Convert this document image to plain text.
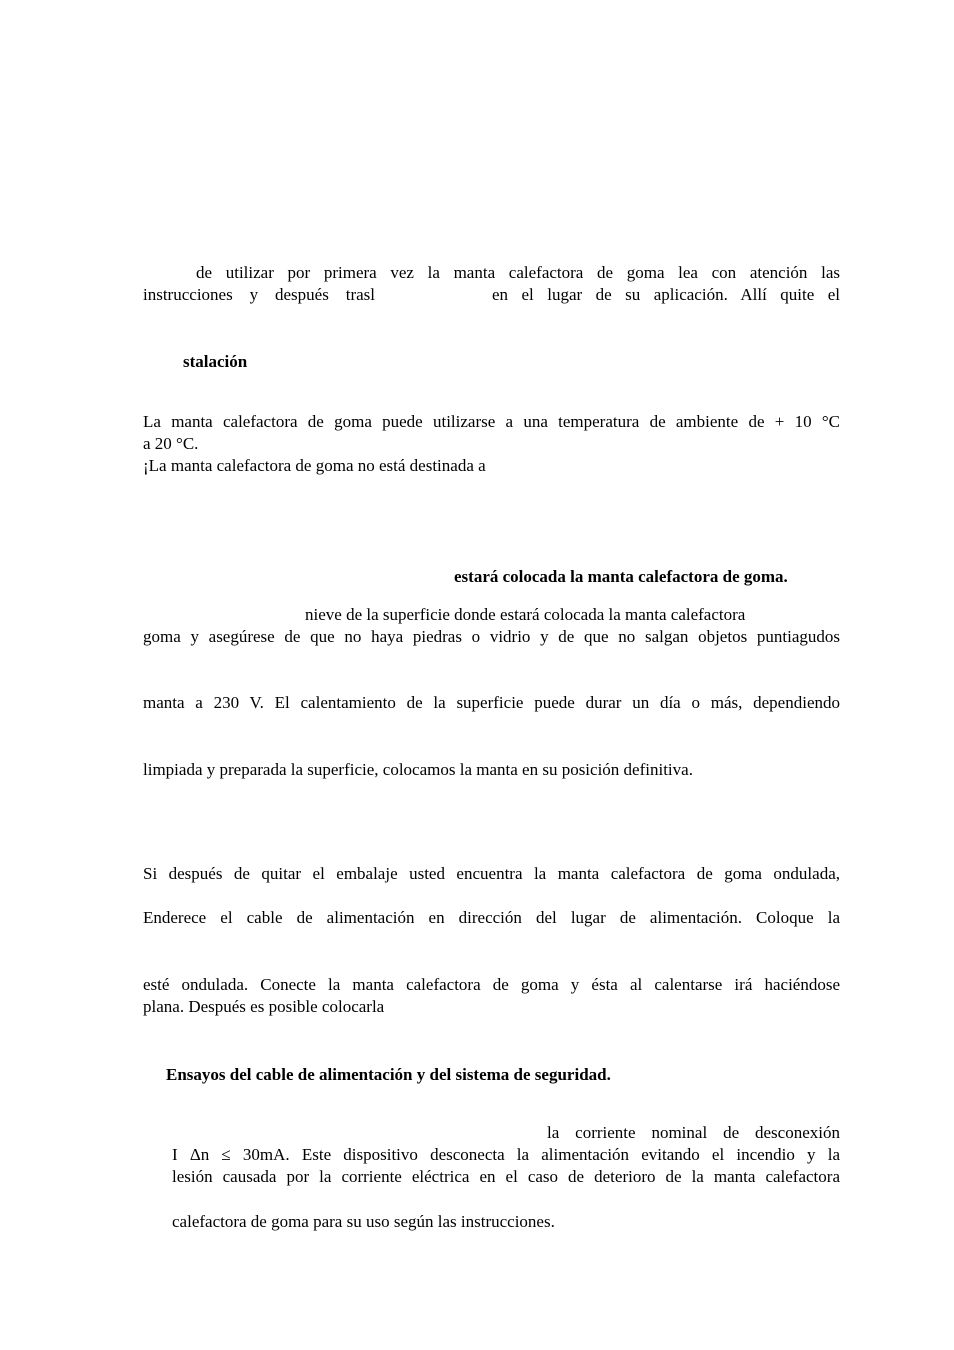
de utilizar por primera vez la manta calefactora de goma lea con atención las
instrucciones y después trasl	en el lugar de su aplicación. Allí quite el
stalación
La manta calefactora de goma puede utilizarse a una temperatura de ambiente de + 10 °C
a 20 °C.
¡La manta calefactora de goma no está destinada a
estará colocada la manta calefactora de goma.
nieve de la superficie donde estará colocada la manta calefactora
goma y asegúrese de que no haya piedras o vidrio y de que no salgan objetos puntiagudos
manta a 230 V. El calentamiento de la superficie puede durar un día o más, dependiendo
limpiada y preparada la superficie, colocamos la manta en su posición definitiva.
Si después de quitar el embalaje usted encuentra la manta calefactora de goma ondulada,
Enderece el cable de alimentación en dirección del lugar de alimentación. Coloque la
esté ondulada. Conecte la manta calefactora de goma y ésta al calentarse irá haciéndose
plana. Después es posible colocarla
Ensayos del cable de alimentación y del sistema de seguridad.
la corriente nominal de desconexión
I Δn ≤ 30mA. Este dispositivo desconecta la alimentación evitando el incendio y la
lesión causada por la corriente eléctrica en el caso de deterioro de la manta calefactora
calefactora de goma para su uso según las instrucciones.
